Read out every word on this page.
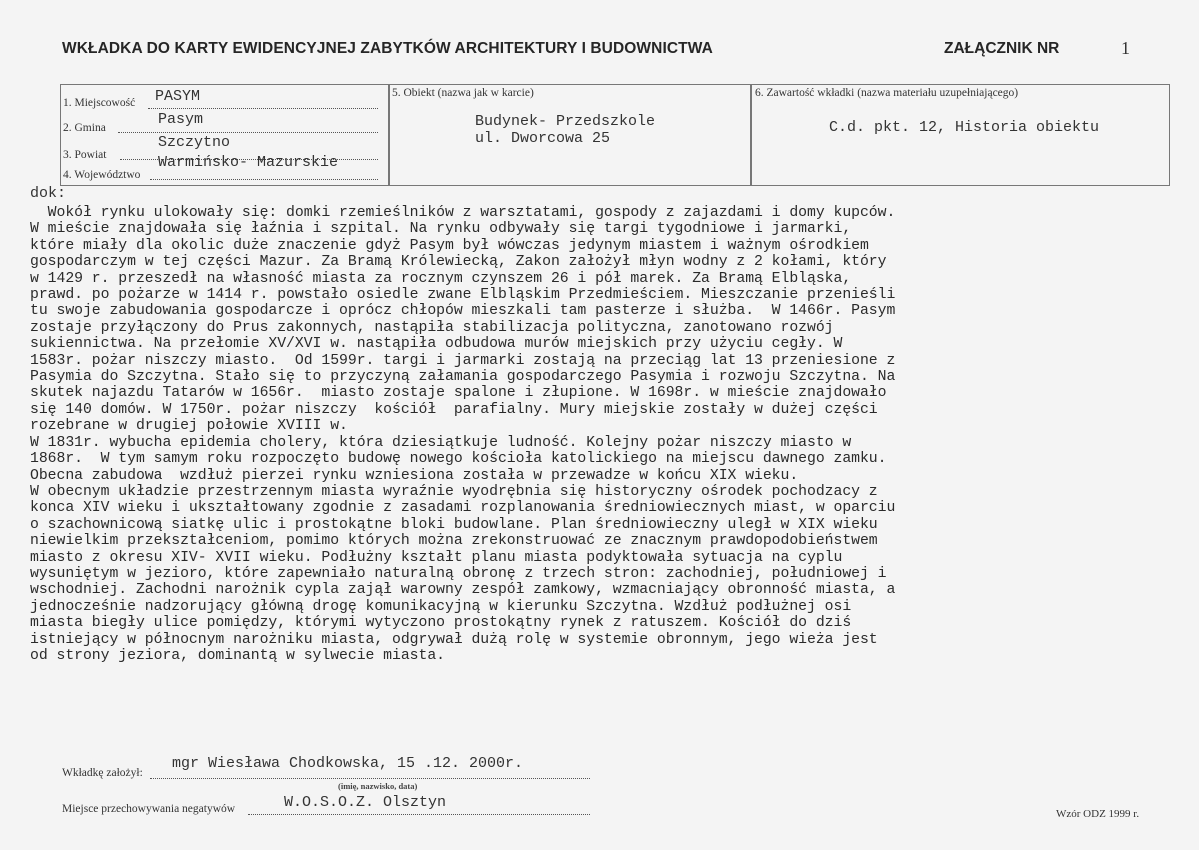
WKŁADKA DO KARTY EWIDENCYJNEJ ZABYTKÓW ARCHITEKTURY I BUDOWNICTWA	ZAŁĄCZNIK NR	1
1. Miejscowość PASYM
2. Gmina	Pasym
3. Powiat
Szczytno
4. Województwo
Warmińsko- Mazurskie
5. Obiekt (nazwa jak w karcie)
Budynek- Przedszkole
ul. Dworcowa 25
6. Zawartość wkładki (nazwa materiału uzupełniającego)
C.d. pkt. 12, Historia obiektu
dok:
Wokół rynku ulokowały się: domki rzemieślników z warsztatami, gospody z zajazdami i domy kupców.
W mieście znajdowała się łaźnia i szpital. Na rynku odbywały się targi tygodniowe i jarmarki,
które miały dla okolic duże znaczenie gdyż Pasym był wówczas jedynym miastem i ważnym ośrodkiem
gospodarczym w tej części Mazur. Za Bramą Królewiecką, Zakon założył młyn wodny z 2 kołami, który
w 1429 r. przeszedł na własność miasta za rocznym czynszem 26 i pół marek. Za Bramą Elbląska,
prawd. po pożarze w 1414 r. powstało osiedle zwane Elbląskim Przedmieściem. Mieszczanie przenieśli
tu swoje zabudowania gospodarcze i oprócz chłopów mieszkali tam pasterze i służba.  W 1466r. Pasym
zostaje przyłączony do Prus zakonnych, nastąpiła stabilizacja polityczna, zanotowano rozwój
sukiennictwa. Na przełomie XV/XVI w. nastąpiła odbudowa murów miejskich przy użyciu cegły. W
1583r. pożar niszczy miasto.  Od 1599r. targi i jarmarki zostają na przeciąg lat 13 przeniesione z
Pasymia do Szczytna. Stało się to przyczyną załamania gospodarczego Pasymia i rozwoju Szczytna. Na
skutek najazdu Tatarów w 1656r.  miasto zostaje spalone i złupione. W 1698r. w mieście znajdowało
się 140 domów. W 1750r. pożar niszczy  kościół  parafialny. Mury miejskie zostały w dużej części
rozebrane w drugiej połowie XVIII w.
W 1831r. wybucha epidemia cholery, która dziesiątkuje ludność. Kolejny pożar niszczy miasto w
1868r.  W tym samym roku rozpoczęto budowę nowego kościoła katolickiego na miejscu dawnego zamku.
Obecna zabudowa  wzdłuż pierzei rynku wzniesiona została w przewadze w końcu XIX wieku.
W obecnym układzie przestrzennym miasta wyraźnie wyodrębnia się historyczny ośrodek pochodzacy z
konca XIV wieku i ukształtowany zgodnie z zasadami rozplanowania średniowiecznych miast, w oparciu
o szachownicową siatkę ulic i prostokątne bloki budowlane. Plan średniowieczny uległ w XIX wieku
niewielkim przekształceniom, pomimo których można zrekonstruować ze znacznym prawdopodobieństwem
miasto z okresu XIV- XVII wieku. Podłużny kształt planu miasta podyktowała sytuacja na cyplu
wysuniętym w jezioro, które zapewniało naturalną obronę z trzech stron: zachodniej, południowej i
wschodniej. Zachodni narożnik cypla zajął warowny zespół zamkowy, wzmacniający obronność miasta, a
jednocześnie nadzorujący główną drogę komunikacyjną w kierunku Szczytna. Wzdłuż podłużnej osi
miasta biegły ulice pomiędzy, którymi wytyczono prostokątny rynek z ratuszem. Kościół do dziś
istniejący w północnym narożniku miasta, odgrywał dużą rolę w systemie obronnym, jego wieża jest
od strony jeziora, dominantą w sylwecie miasta.
Wkładkę założył:
mgr Wiesława Chodkowska, 15 .12. 2000r.
(imię, nazwisko, data)
Miejsce przechowywania negatywów	W.O.S.O.Z. Olsztyn
Wzór ODZ 1999 r.
